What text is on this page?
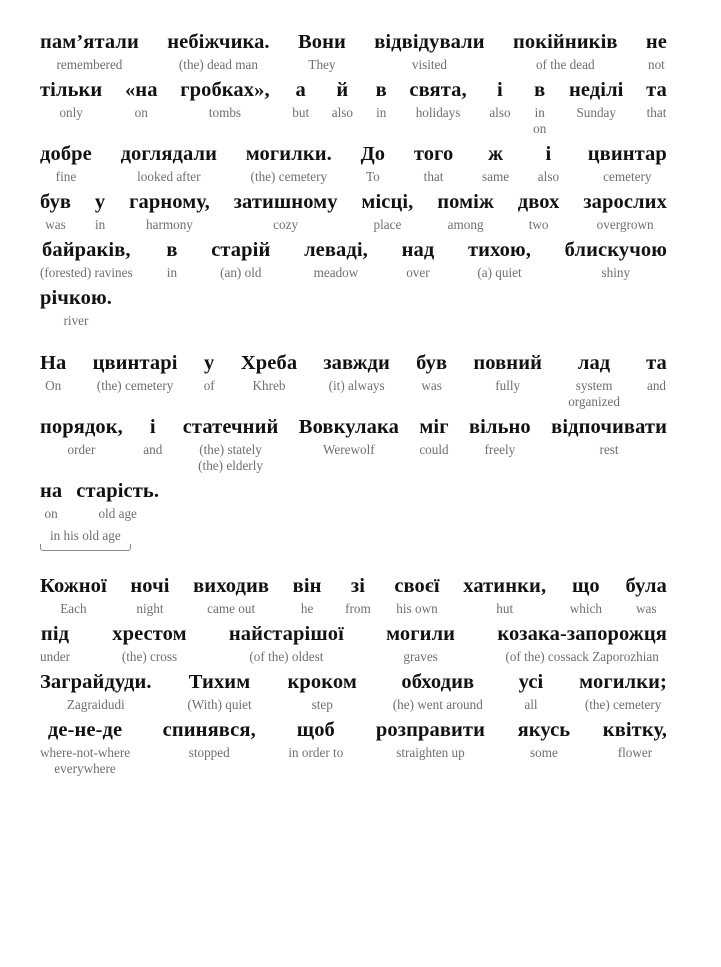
пам’ятали
remembered
небіжчика.
(the) dead man
Вони
They
відвідували
visited
покійників
of the dead
не
not
тільки
only
«на
on
гробках»,
tombs
а
but
й
also
в
in
свята,
holidays
і
also
в
in
on
неділі
Sunday
та
that
добре
fine
доглядали
looked after
могилки.
(the) cemetery
До
To
того
that
ж
same
і
also
цвинтар
cemetery
був
was
у
in
гарному,
harmony
затишному
cozy
місці,
place
поміж
among
двох
two
зарослих
overgrown
байраків,
(forested) ravines
в
in
старій
(an) old
левaді,
meadow
над
over
тихою,
(a) quiet
блискучою
shiny
річкою.
river
На
On
цвинтарі
(the) cemetery
у
of
Хреба
Khreb
завжди
(it) always
був
was
повний
fully
лад
system
organized
та
and
порядок,
order
і
and
статечний
(the) stately
(the) elderly
Вовкулака
Werewolf
міг
could
вільно
freely
відпочивати
rest
на
on
старість.
old age
in his old age
Кожної
Each
ночі
night
виходив
came out
він
he
зі
from
своєї
his own
хатинки,
hut
що
which
була
was
під
under
хрестом
(the) cross
найстарішої
(of the) oldest
могили
graves
козака-запорожця
(of the) cossack Zaporozhian
Заграйдуди.
Zagraidudi
Тихим
(With) quiet
кроком
step
обходив
(he) went around
усі
all
могилки;
(the) cemetery
де-не-де
where-not-where
everywhere
спинявся,
stopped
щоб
in order to
розправити
straighten up
якусь
some
квітку,
flower
